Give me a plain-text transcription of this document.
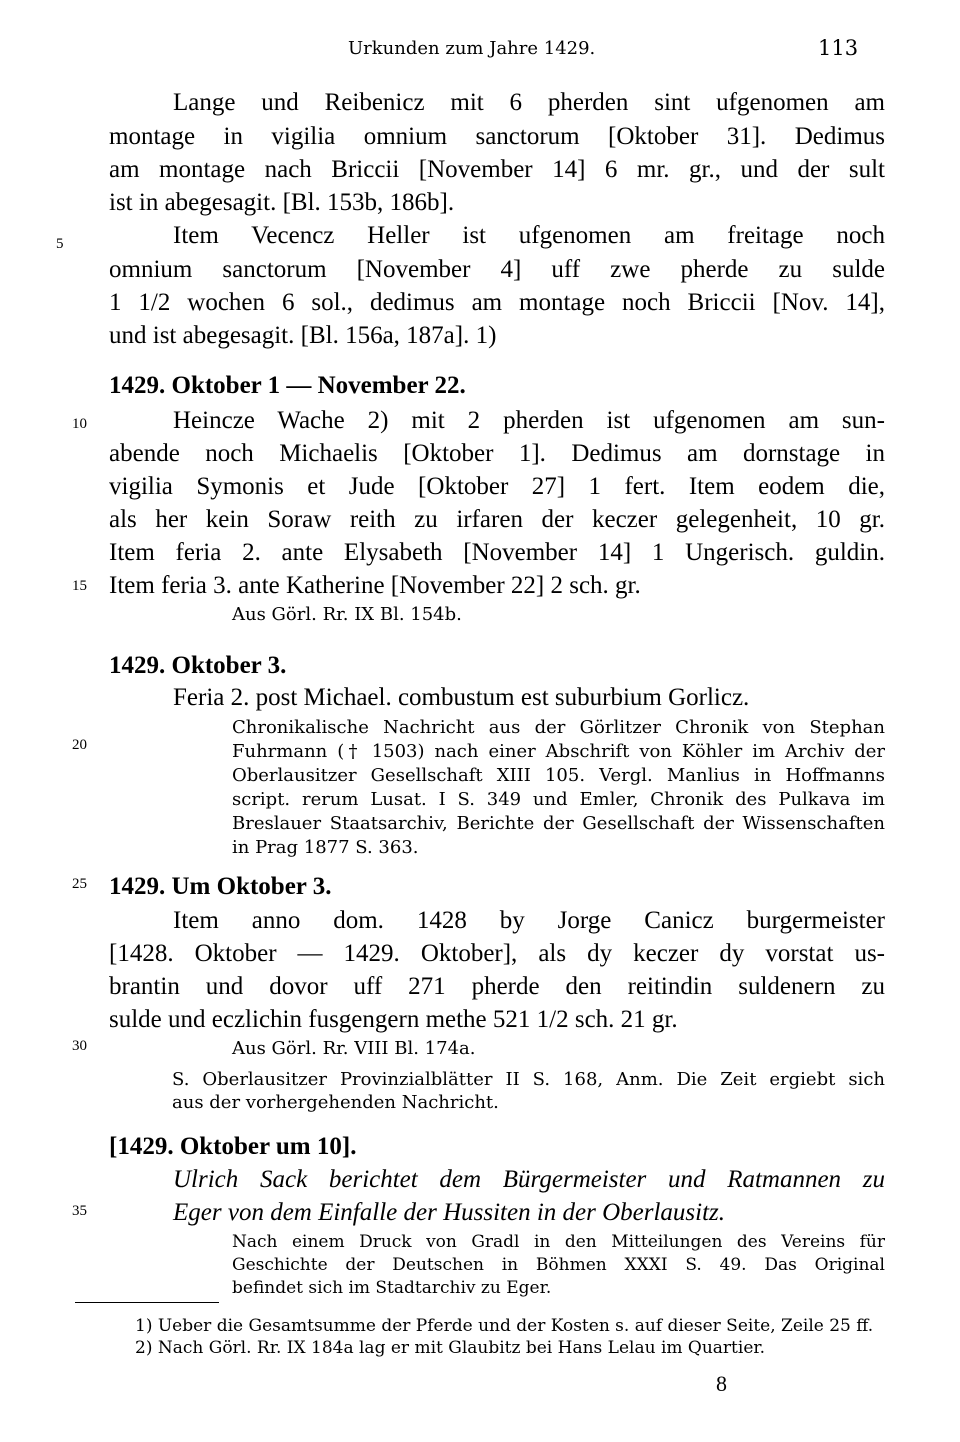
Urkunden zum Jahre 1429.	113
5
10
15
20
25
30
35
Lange und Reibenicz mit 6 pherden sint ufgenomen am
montage in vigilia omnium sanctorum [Oktober 31]. Dedimus
am montage nach Briccii [November 14] 6 mr. gr., und der sult
ist in abegesagit. [Bl. 153b, 186b].
Item Vecencz Heller ist ufgenomen am freitage noch
omnium sanctorum [November 4] uff zwe pherde zu sulde
1 1/2 wochen 6 sol., dedimus am montage noch Briccii [Nov. 14],
und ist abegesagit. [Bl. 156a, 187a]. 1)
1429. Oktober 1 — November 22.
Heincze Wache 2) mit 2 pherden ist ufgenomen am sun-
abende noch Michaelis [Oktober 1]. Dedimus am dornstage in
vigilia Symonis et Jude [Oktober 27] 1 fert. Item eodem die,
als her kein Soraw reith zu irfaren der keczer gelegenheit, 10 gr.
Item feria 2. ante Elysabeth [November 14] 1 Ungerisch. guldin.
Item feria 3. ante Katherine [November 22] 2 sch. gr.
Aus Görl. Rr. IX Bl. 154b.
1429. Oktober 3.
Feria 2. post Michael. combustum est suburbium Gorlicz.
Chronikalische Nachricht aus der Görlitzer Chronik von Stephan
Fuhrmann († 1503) nach einer Abschrift von Köhler im Archiv der
Oberlausitzer Gesellschaft XIII 105. Vergl. Manlius in Hoffmanns
script. rerum Lusat. I S. 349 und Emler, Chronik des Pulkava im
Breslauer Staatsarchiv, Berichte der Gesellschaft der Wissenschaften
in Prag 1877 S. 363.
1429. Um Oktober 3.
Item anno dom. 1428 by Jorge Canicz burgermeister
[1428. Oktober — 1429. Oktober], als dy keczer dy vorstat us-
brantin und dovor uff 271 pherde den reitindin suldenern zu
sulde und eczlichin fusgengern methe 521 1/2 sch. 21 gr.
Aus Görl. Rr. VIII Bl. 174a.
S. Oberlausitzer Provinzialblätter II S. 168, Anm. Die Zeit ergiebt sich
aus der vorhergehenden Nachricht.
[1429. Oktober um 10].
Ulrich Sack berichtet dem Bürgermeister und Ratmannen zu
Eger von dem Einfalle der Hussiten in der Oberlausitz.
Nach einem Druck von Gradl in den Mitteilungen des Vereins für
Geschichte der Deutschen in Böhmen XXXI S. 49. Das Original
befindet sich im Stadtarchiv zu Eger.
1) Ueber die Gesamtsumme der Pferde und der Kosten s. auf dieser Seite, Zeile 25 ff.
2) Nach Görl. Rr. IX 184a lag er mit Glaubitz bei Hans Lelau im Quartier.
8
